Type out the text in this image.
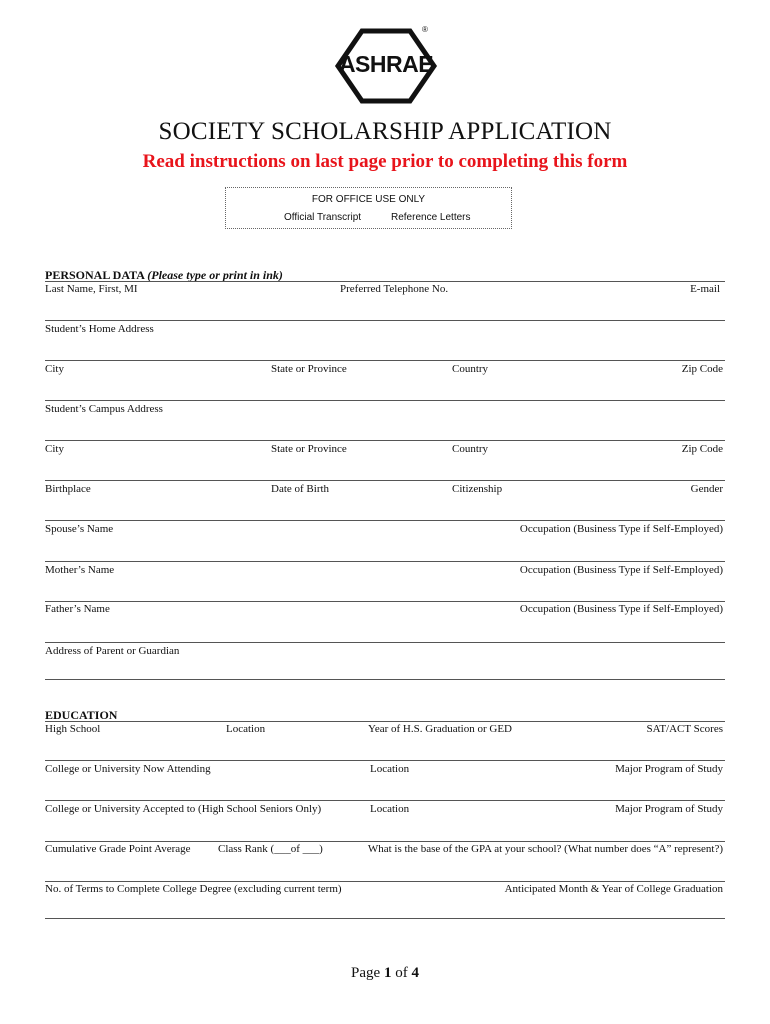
ASHRAE
®
SOCIETY SCHOLARSHIP APPLICATION
Read instructions on last page prior to completing this form
FOR OFFICE USE ONLY
Official Transcript	Reference Letters
PERSONAL DATA (Please type or print in ink)
Last Name, First, MI	Preferred Telephone No.	E-mail
Student’s Home Address
City	State or Province	Country	Zip Code
Student’s Campus Address
City	State or Province	Country	Zip Code
Birthplace	Date of Birth	Citizenship	Gender
Spouse’s Name	Occupation (Business Type if Self-Employed)
Mother’s Name	Occupation (Business Type if Self-Employed)
Father’s Name	Occupation (Business Type if Self-Employed)
Address of Parent or Guardian
EDUCATION
High School	Location	Year of H.S. Graduation or GED	SAT/ACT Scores
College or University Now Attending	Location	Major Program of Study
College or University Accepted to (High School Seniors Only)	Location	Major Program of Study
Cumulative Grade Point Average Class Rank (___of ___)	What is the base of the GPA at your school? (What number does “A” represent?)
No. of Terms to Complete College Degree (excluding current term)	Anticipated Month & Year of College Graduation
Page 1 of 4
